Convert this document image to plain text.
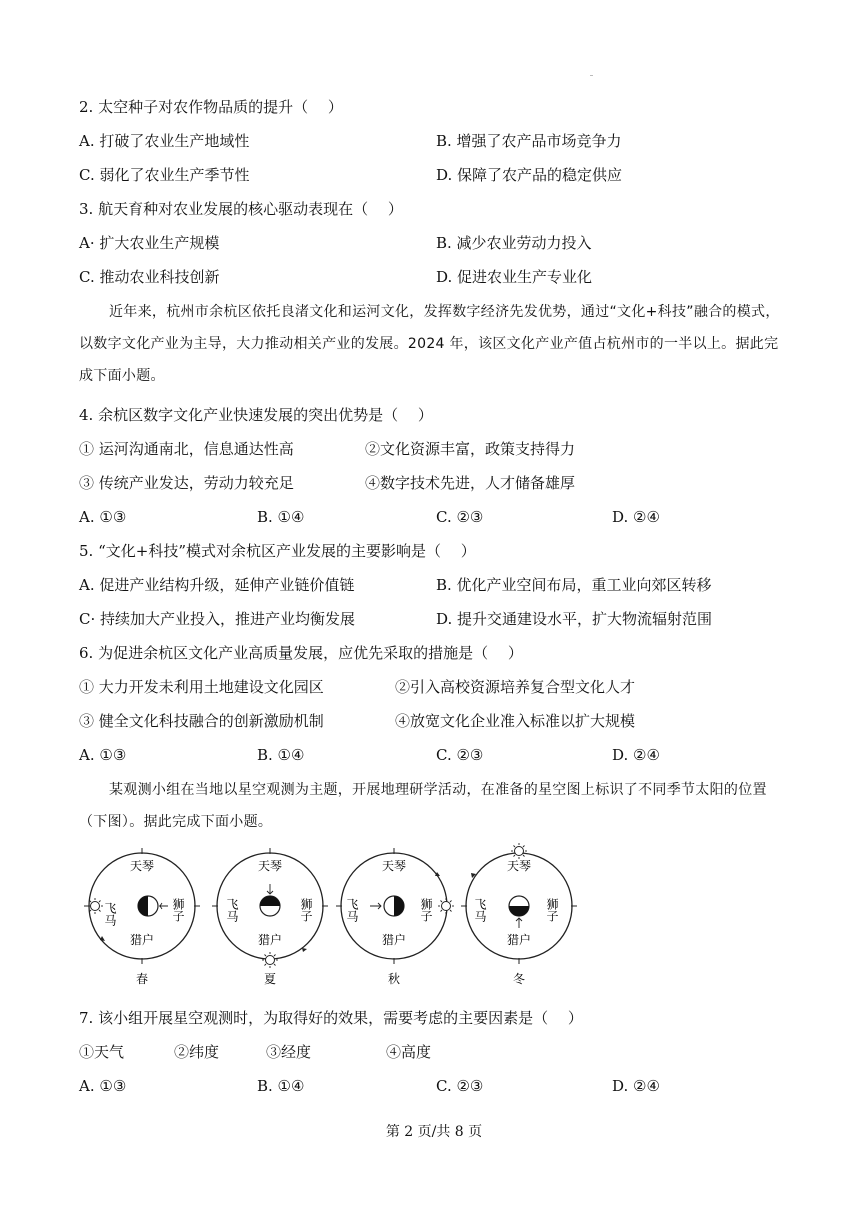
2. 太空种子对农作物品质的提升（　 ）
A. 打破了农业生产地域性	B. 增强了农产品市场竞争力
C. 弱化了农业生产季节性	D. 保障了农产品的稳定供应
3. 航天育种对农业发展的核心驱动表现在（　 ）
A· 扩大农业生产规模	B. 减少农业劳动力投入
C. 推动农业科技创新	D. 促进农业生产专业化
近年来，杭州市余杭区依托良渚文化和运河文化，发挥数字经济先发优势，通过“文化+科技”融合的模式，以数字文化产业为主导，大力推动相关产业的发展。2024 年，该区文化产业产值占杭州市的一半以上。据此完成下面小题。
4. 余杭区数字文化产业快速发展的突出优势是（　 ）
① 运河沟通南北，信息通达性高	②文化资源丰富，政策支持得力
③ 传统产业发达，劳动力较充足	④数字技术先进，人才储备雄厚
A. ①③	B. ①④	C. ②③	D. ②④
5. “文化+科技”模式对余杭区产业发展的主要影响是（　 ）
A. 促进产业结构升级，延伸产业链价值链	B. 优化产业空间布局，重工业向郊区转移
C· 持续加大产业投入，推进产业均衡发展	D. 提升交通建设水平，扩大物流辐射范围
6. 为促进余杭区文化产业高质量发展，应优先采取的措施是（　 ）
① 大力开发未利用土地建设文化园区	②引入高校资源培养复合型文化人才
③ 健全文化科技融合的创新激励机制	④放宽文化企业准入标准以扩大规模
A. ①③	B. ①④	C. ②③	D. ②④
某观测小组在当地以星空观测为主题，开展地理研学活动，在准备的星空图上标识了不同季节太阳的位置（下图）。据此完成下面小题。
天琴
猎户
飞马	狮子
春
天琴
猎户
飞马	狮子
夏
天琴
猎户
飞马	狮子
秋
天琴
猎户
飞马	狮子
冬
7. 该小组开展星空观测时，为取得好的效果，需要考虑的主要因素是（　 ）
①天气	②纬度	③经度	④高度
A. ①③	B. ①④	C. ②③	D. ②④
第 2 页/共 8 页
